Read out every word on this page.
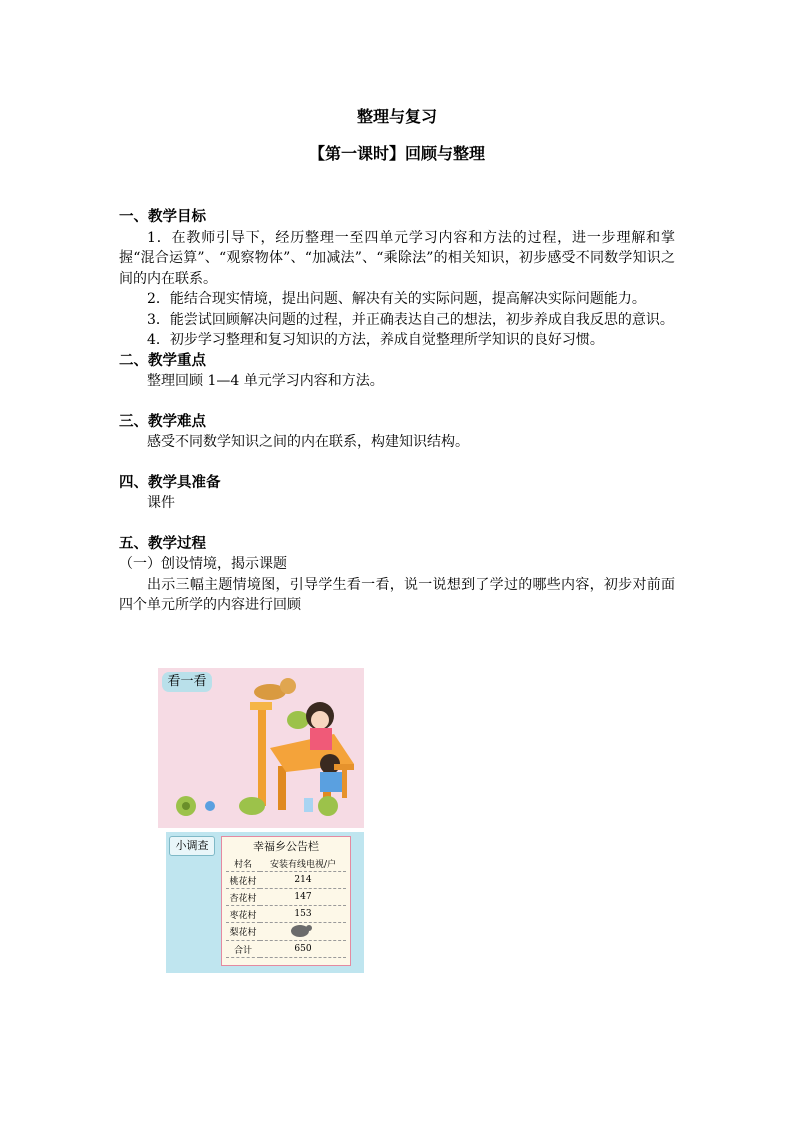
整理与复习
【第一课时】回顾与整理

一、教学目标

1．在教师引导下，经历整理一至四单元学习内容和方法的过程，进一步理解和掌握“混合运算”、“观察物体”、“加减法”、“乘除法”的相关知识，初步感受不同数学知识之间的内在联系。

2．能结合现实情境，提出问题、解决有关的实际问题，提高解决实际问题能力。

3．能尝试回顾解决问题的过程，并正确表达自己的想法，初步养成自我反思的意识。

4．初步学习整理和复习知识的方法，养成自觉整理所学知识的良好习惯。

二、教学重点

整理回顾 1—4 单元学习内容和方法。

三、教学难点

感受不同数学知识之间的内在联系，构建知识结构。

四、教学具准备

课件

五、教学过程

（一）创设情境，揭示课题

出示三幅主题情境图，引导学生看一看，说一说想到了学过的哪些内容，初步对前面四个单元所学的内容进行回顾

看一看
小调查	幸福乡公告栏
村名	安装有线电视/户
桃花村	214
杏花村	147
枣花村	153
梨花村	
合计	650
